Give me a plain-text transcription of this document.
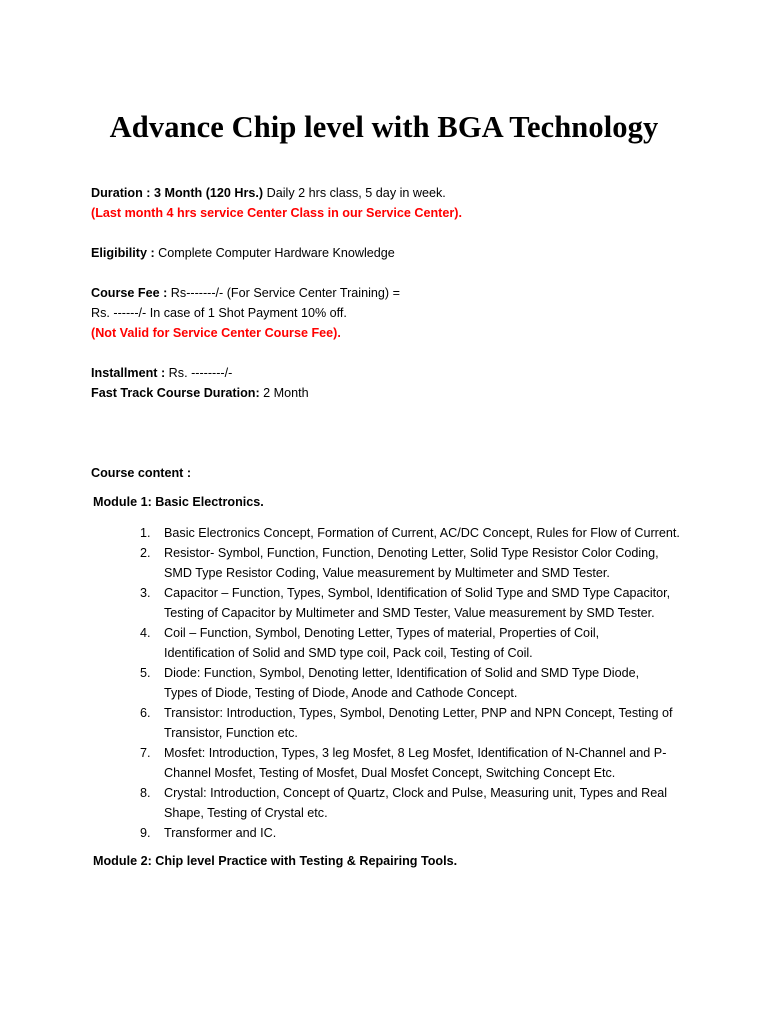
Advance Chip level with BGA Technology
Duration : 3 Month (120 Hrs.) Daily 2 hrs class, 5 day in week.
(Last month 4 hrs service Center Class in our Service Center).
Eligibility : Complete Computer Hardware Knowledge
Course Fee : Rs-------/- (For Service Center Training) =
Rs. ------/- In case of 1 Shot Payment 10% off.
(Not Valid for Service Center Course Fee).
Installment : Rs. --------/-
Fast Track Course Duration: 2 Month
Course content :
Module 1: Basic Electronics.
1. Basic Electronics Concept, Formation of Current, AC/DC Concept, Rules for Flow of Current.
2. Resistor- Symbol, Function, Function, Denoting Letter, Solid Type Resistor Color Coding,
SMD Type Resistor Coding, Value measurement by Multimeter and SMD Tester.
3. Capacitor – Function, Types, Symbol, Identification of Solid Type and SMD Type Capacitor,
Testing of Capacitor by Multimeter and SMD Tester, Value measurement by SMD Tester.
4. Coil – Function, Symbol, Denoting Letter, Types of material, Properties of Coil,
Identification of Solid and SMD type coil, Pack coil, Testing of Coil.
5. Diode: Function, Symbol, Denoting letter, Identification of Solid and SMD Type Diode,
Types of Diode, Testing of Diode, Anode and Cathode Concept.
6. Transistor: Introduction, Types, Symbol, Denoting Letter, PNP and NPN Concept, Testing of
Transistor, Function etc.
7. Mosfet: Introduction, Types, 3 leg Mosfet, 8 Leg Mosfet, Identification of N-Channel and P-
Channel Mosfet, Testing of Mosfet, Dual Mosfet Concept, Switching Concept Etc.
8. Crystal: Introduction, Concept of Quartz, Clock and Pulse, Measuring unit, Types and Real
Shape, Testing of Crystal etc.
9. Transformer and IC.
Module 2: Chip level Practice with Testing & Repairing Tools.
